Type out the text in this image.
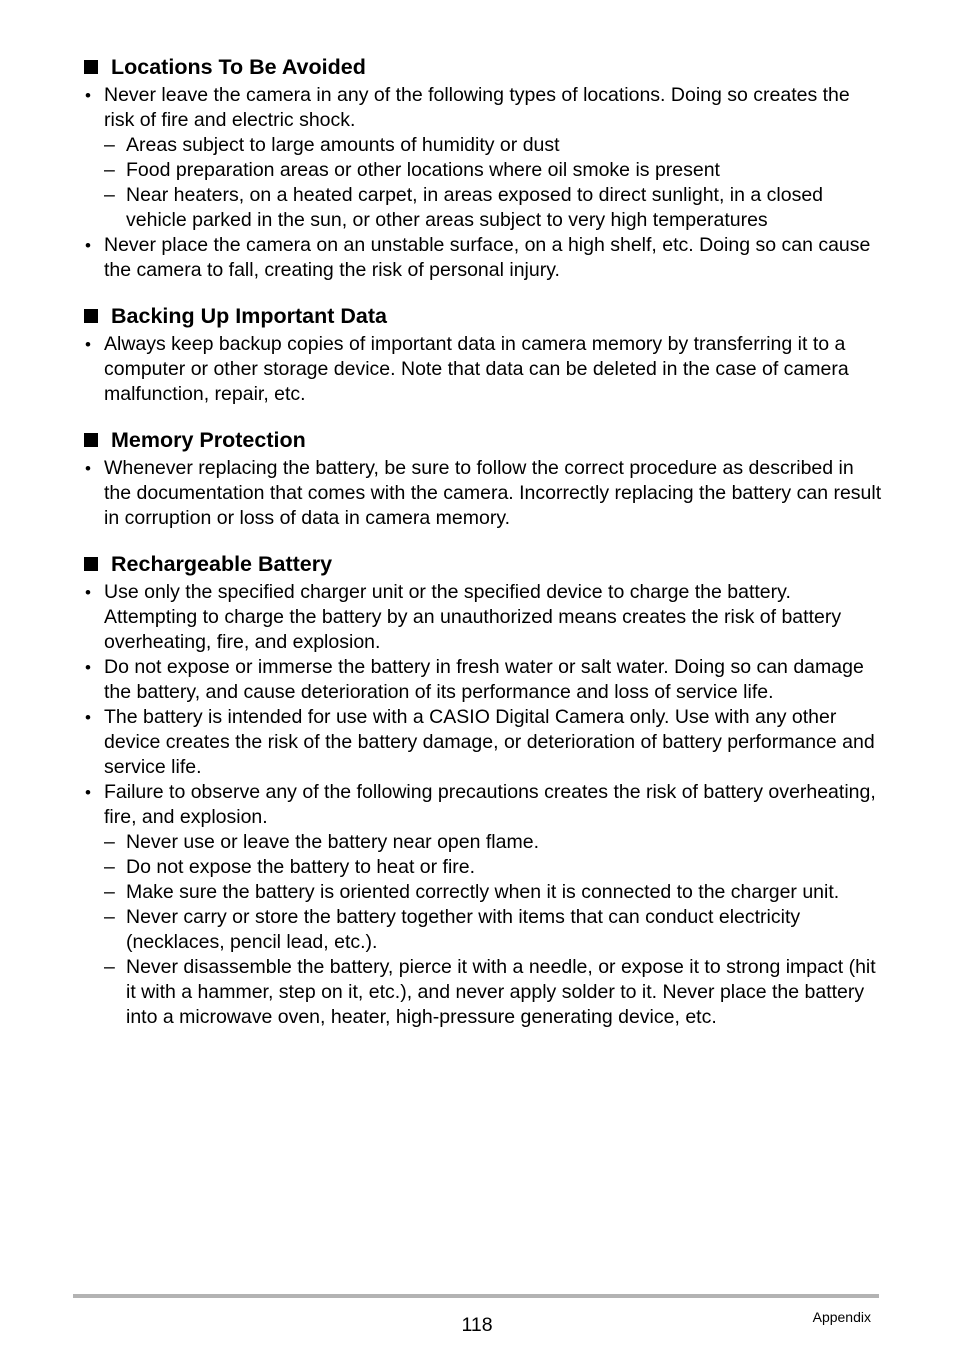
Locations To Be Avoided
• Never leave the camera in any of the following types of locations. Doing so creates the risk of fire and electric shock.
– Areas subject to large amounts of humidity or dust
– Food preparation areas or other locations where oil smoke is present
– Near heaters, on a heated carpet, in areas exposed to direct sunlight, in a closed vehicle parked in the sun, or other areas subject to very high temperatures
• Never place the camera on an unstable surface, on a high shelf, etc. Doing so can cause the camera to fall, creating the risk of personal injury.
Backing Up Important Data
• Always keep backup copies of important data in camera memory by transferring it to a computer or other storage device. Note that data can be deleted in the case of camera malfunction, repair, etc.
Memory Protection
• Whenever replacing the battery, be sure to follow the correct procedure as described in the documentation that comes with the camera. Incorrectly replacing the battery can result in corruption or loss of data in camera memory.
Rechargeable Battery
• Use only the specified charger unit or the specified device to charge the battery. Attempting to charge the battery by an unauthorized means creates the risk of battery overheating, fire, and explosion.
• Do not expose or immerse the battery in fresh water or salt water. Doing so can damage the battery, and cause deterioration of its performance and loss of service life.
• The battery is intended for use with a CASIO Digital Camera only. Use with any other device creates the risk of the battery damage, or deterioration of battery performance and service life.
• Failure to observe any of the following precautions creates the risk of battery overheating, fire, and explosion.
– Never use or leave the battery near open flame.
– Do not expose the battery to heat or fire.
– Make sure the battery is oriented correctly when it is connected to the charger unit.
– Never carry or store the battery together with items that can conduct electricity (necklaces, pencil lead, etc.).
– Never disassemble the battery, pierce it with a needle, or expose it to strong impact (hit it with a hammer, step on it, etc.), and never apply solder to it. Never place the battery into a microwave oven, heater, high-pressure generating device, etc.
118	Appendix
